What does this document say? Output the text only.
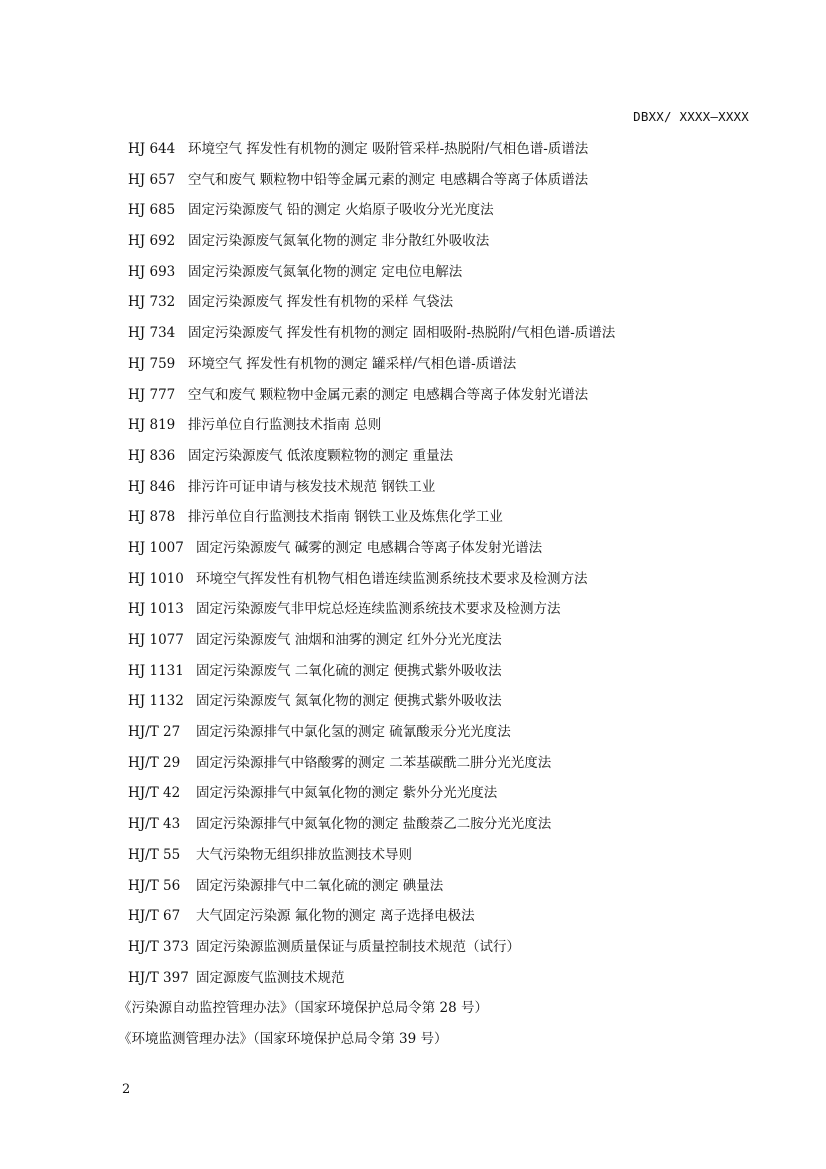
DBXX/ XXXX—XXXX
HJ 644 环境空气 挥发性有机物的测定 吸附管采样-热脱附/气相色谱-质谱法
HJ 657 空气和废气 颗粒物中铅等金属元素的测定 电感耦合等离子体质谱法
HJ 685 固定污染源废气 铅的测定 火焰原子吸收分光光度法
HJ 692 固定污染源废气氮氧化物的测定 非分散红外吸收法
HJ 693 固定污染源废气氮氧化物的测定 定电位电解法
HJ 732 固定污染源废气 挥发性有机物的采样 气袋法
HJ 734 固定污染源废气 挥发性有机物的测定 固相吸附-热脱附/气相色谱-质谱法
HJ 759 环境空气 挥发性有机物的测定 罐采样/气相色谱-质谱法
HJ 777 空气和废气 颗粒物中金属元素的测定 电感耦合等离子体发射光谱法
HJ 819 排污单位自行监测技术指南 总则
HJ 836 固定污染源废气 低浓度颗粒物的测定 重量法
HJ 846 排污许可证申请与核发技术规范 钢铁工业
HJ 878 排污单位自行监测技术指南 钢铁工业及炼焦化学工业
HJ 1007 固定污染源废气 碱雾的测定 电感耦合等离子体发射光谱法
HJ 1010 环境空气挥发性有机物气相色谱连续监测系统技术要求及检测方法
HJ 1013 固定污染源废气非甲烷总烃连续监测系统技术要求及检测方法
HJ 1077 固定污染源废气 油烟和油雾的测定 红外分光光度法
HJ 1131 固定污染源废气 二氧化硫的测定 便携式紫外吸收法
HJ 1132 固定污染源废气 氮氧化物的测定 便携式紫外吸收法
HJ/T 27 固定污染源排气中氯化氢的测定 硫氰酸汞分光光度法
HJ/T 29 固定污染源排气中铬酸雾的测定 二苯基碳酰二肼分光光度法
HJ/T 42 固定污染源排气中氮氧化物的测定 紫外分光光度法
HJ/T 43 固定污染源排气中氮氧化物的测定 盐酸萘乙二胺分光光度法
HJ/T 55 大气污染物无组织排放监测技术导则
HJ/T 56 固定污染源排气中二氧化硫的测定 碘量法
HJ/T 67 大气固定污染源 氟化物的测定 离子选择电极法
HJ/T 373 固定污染源监测质量保证与质量控制技术规范（试行）
HJ/T 397 固定源废气监测技术规范
《污染源自动监控管理办法》（国家环境保护总局令第 28 号）
《环境监测管理办法》（国家环境保护总局令第 39 号）
2
